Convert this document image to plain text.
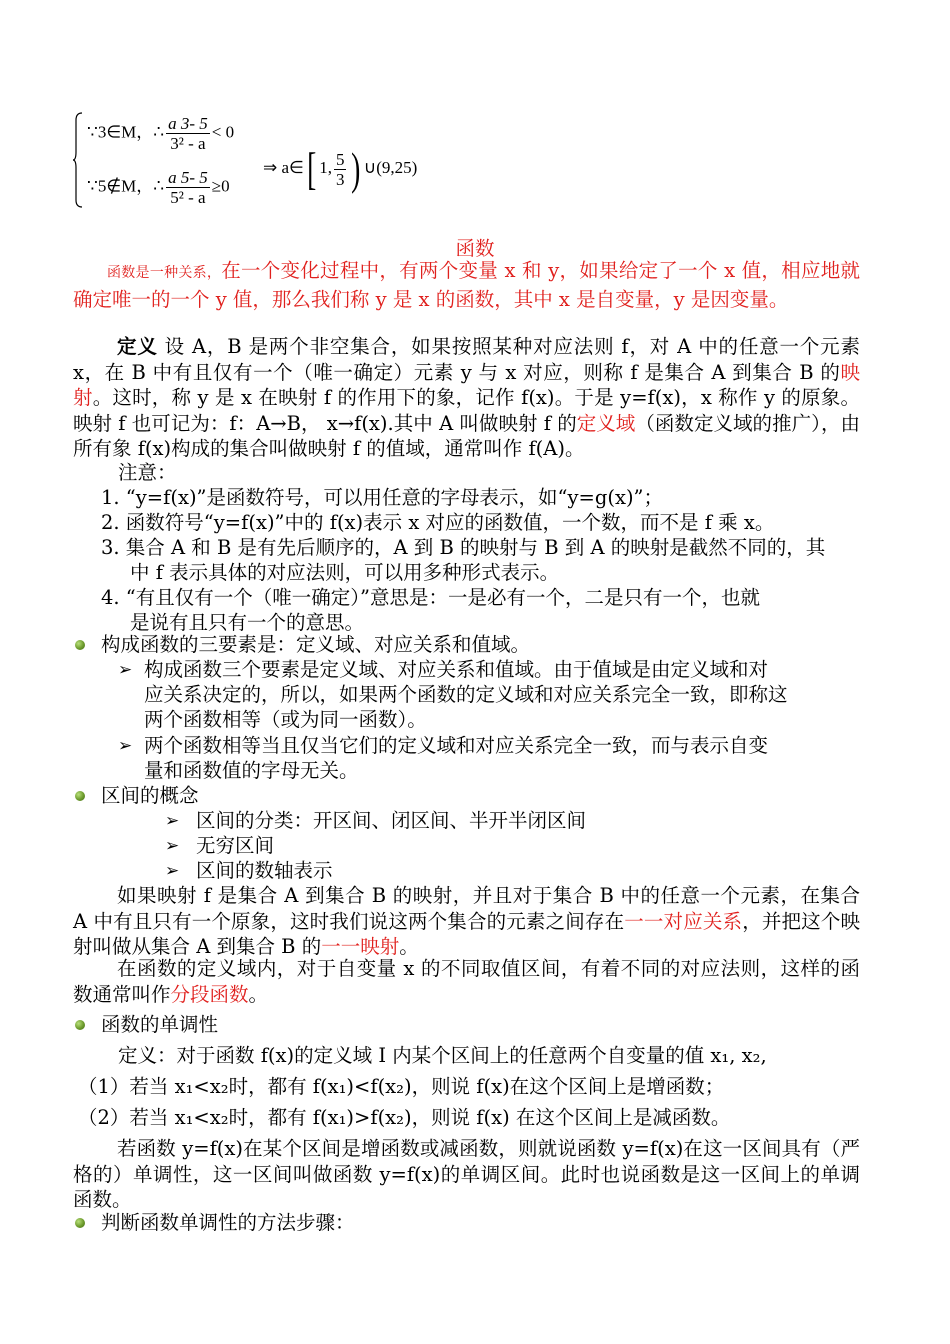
∵3∈M，∴ $\frac{a 3- 5}{\text{3² - a}} < 0$
∵5∉M，∴ $\frac{a 5- 5}{\text{5² - a}} \ge 0$
⇒ a∈[ 1, $\frac{5}{3}$ ) ∪(9,25)
函数
函数是一种关系，在一个变化过程中，有两个变量 x 和 y，如果给定了一个 x 值，相应地就确定唯一的一个 y 值，那么我们称 y 是 x 的函数，其中 x 是自变量，y 是因变量。
定义 设 A，B 是两个非空集合，如果按照某种对应法则 f，对 A 中的任意一个元素 x，在 B 中有且仅有一个（唯一确定）元素 y 与 x 对应，则称 f 是集合 A 到集合 B 的映射。这时，称 y 是 x 在映射 f 的作用下的象，记作 f(x)。于是 y=f(x)，x 称作 y 的原象。映射 f 也可记为：f：A→B， x→f(x).其中 A 叫做映射 f 的定义域（函数定义域的推广），由所有象 f(x)构成的集合叫做映射 f 的值域，通常叫作 f(A)。
注意：
1. “y=f(x)”是函数符号，可以用任意的字母表示，如“y=g(x)”；
2. 函数符号“y=f(x)”中的 f(x)表示 x 对应的函数值，一个数，而不是 f 乘 x。
3. 集合 A 和 B 是有先后顺序的，A 到 B 的映射与 B 到 A 的映射是截然不同的，其
中 f 表示具体的对应法则，可以用多种形式表示。
4. “有且仅有一个（唯一确定）”意思是：一是必有一个，二是只有一个，也就
是说有且只有一个的意思。
构成函数的三要素是：定义域、对应关系和值域。
➢ 构成函数三个要素是定义域、对应关系和值域。由于值域是由定义域和对
应关系决定的，所以，如果两个函数的定义域和对应关系完全一致，即称这
两个函数相等（或为同一函数）。
➢ 两个函数相等当且仅当它们的定义域和对应关系完全一致，而与表示自变
量和函数值的字母无关。
区间的概念
➢ 区间的分类：开区间、闭区间、半开半闭区间
➢ 无穷区间
➢ 区间的数轴表示
如果映射 f 是集合 A 到集合 B 的映射，并且对于集合 B 中的任意一个元素，在集合 A 中有且只有一个原象，这时我们说这两个集合的元素之间存在一一对应关系，并把这个映射叫做从集合 A 到集合 B 的一一映射。
在函数的定义域内，对于自变量 x 的不同取值区间，有着不同的对应法则，这样的函数通常叫作分段函数。
函数的单调性
定义：对于函数 f(x)的定义域 I 内某个区间上的任意两个自变量的值 x₁, x₂,
（1）若当 x₁<x₂时，都有 f(x₁)<f(x₂)，则说 f(x)在这个区间上是增函数；
（2）若当 x₁<x₂时，都有 f(x₁)>f(x₂)，则说 f(x) 在这个区间上是减函数。
若函数 y=f(x)在某个区间是增函数或减函数，则就说函数 y=f(x)在这一区间具有（严格的）单调性，这一区间叫做函数 y=f(x)的单调区间。此时也说函数是这一区间上的单调函数。
判断函数单调性的方法步骤：
